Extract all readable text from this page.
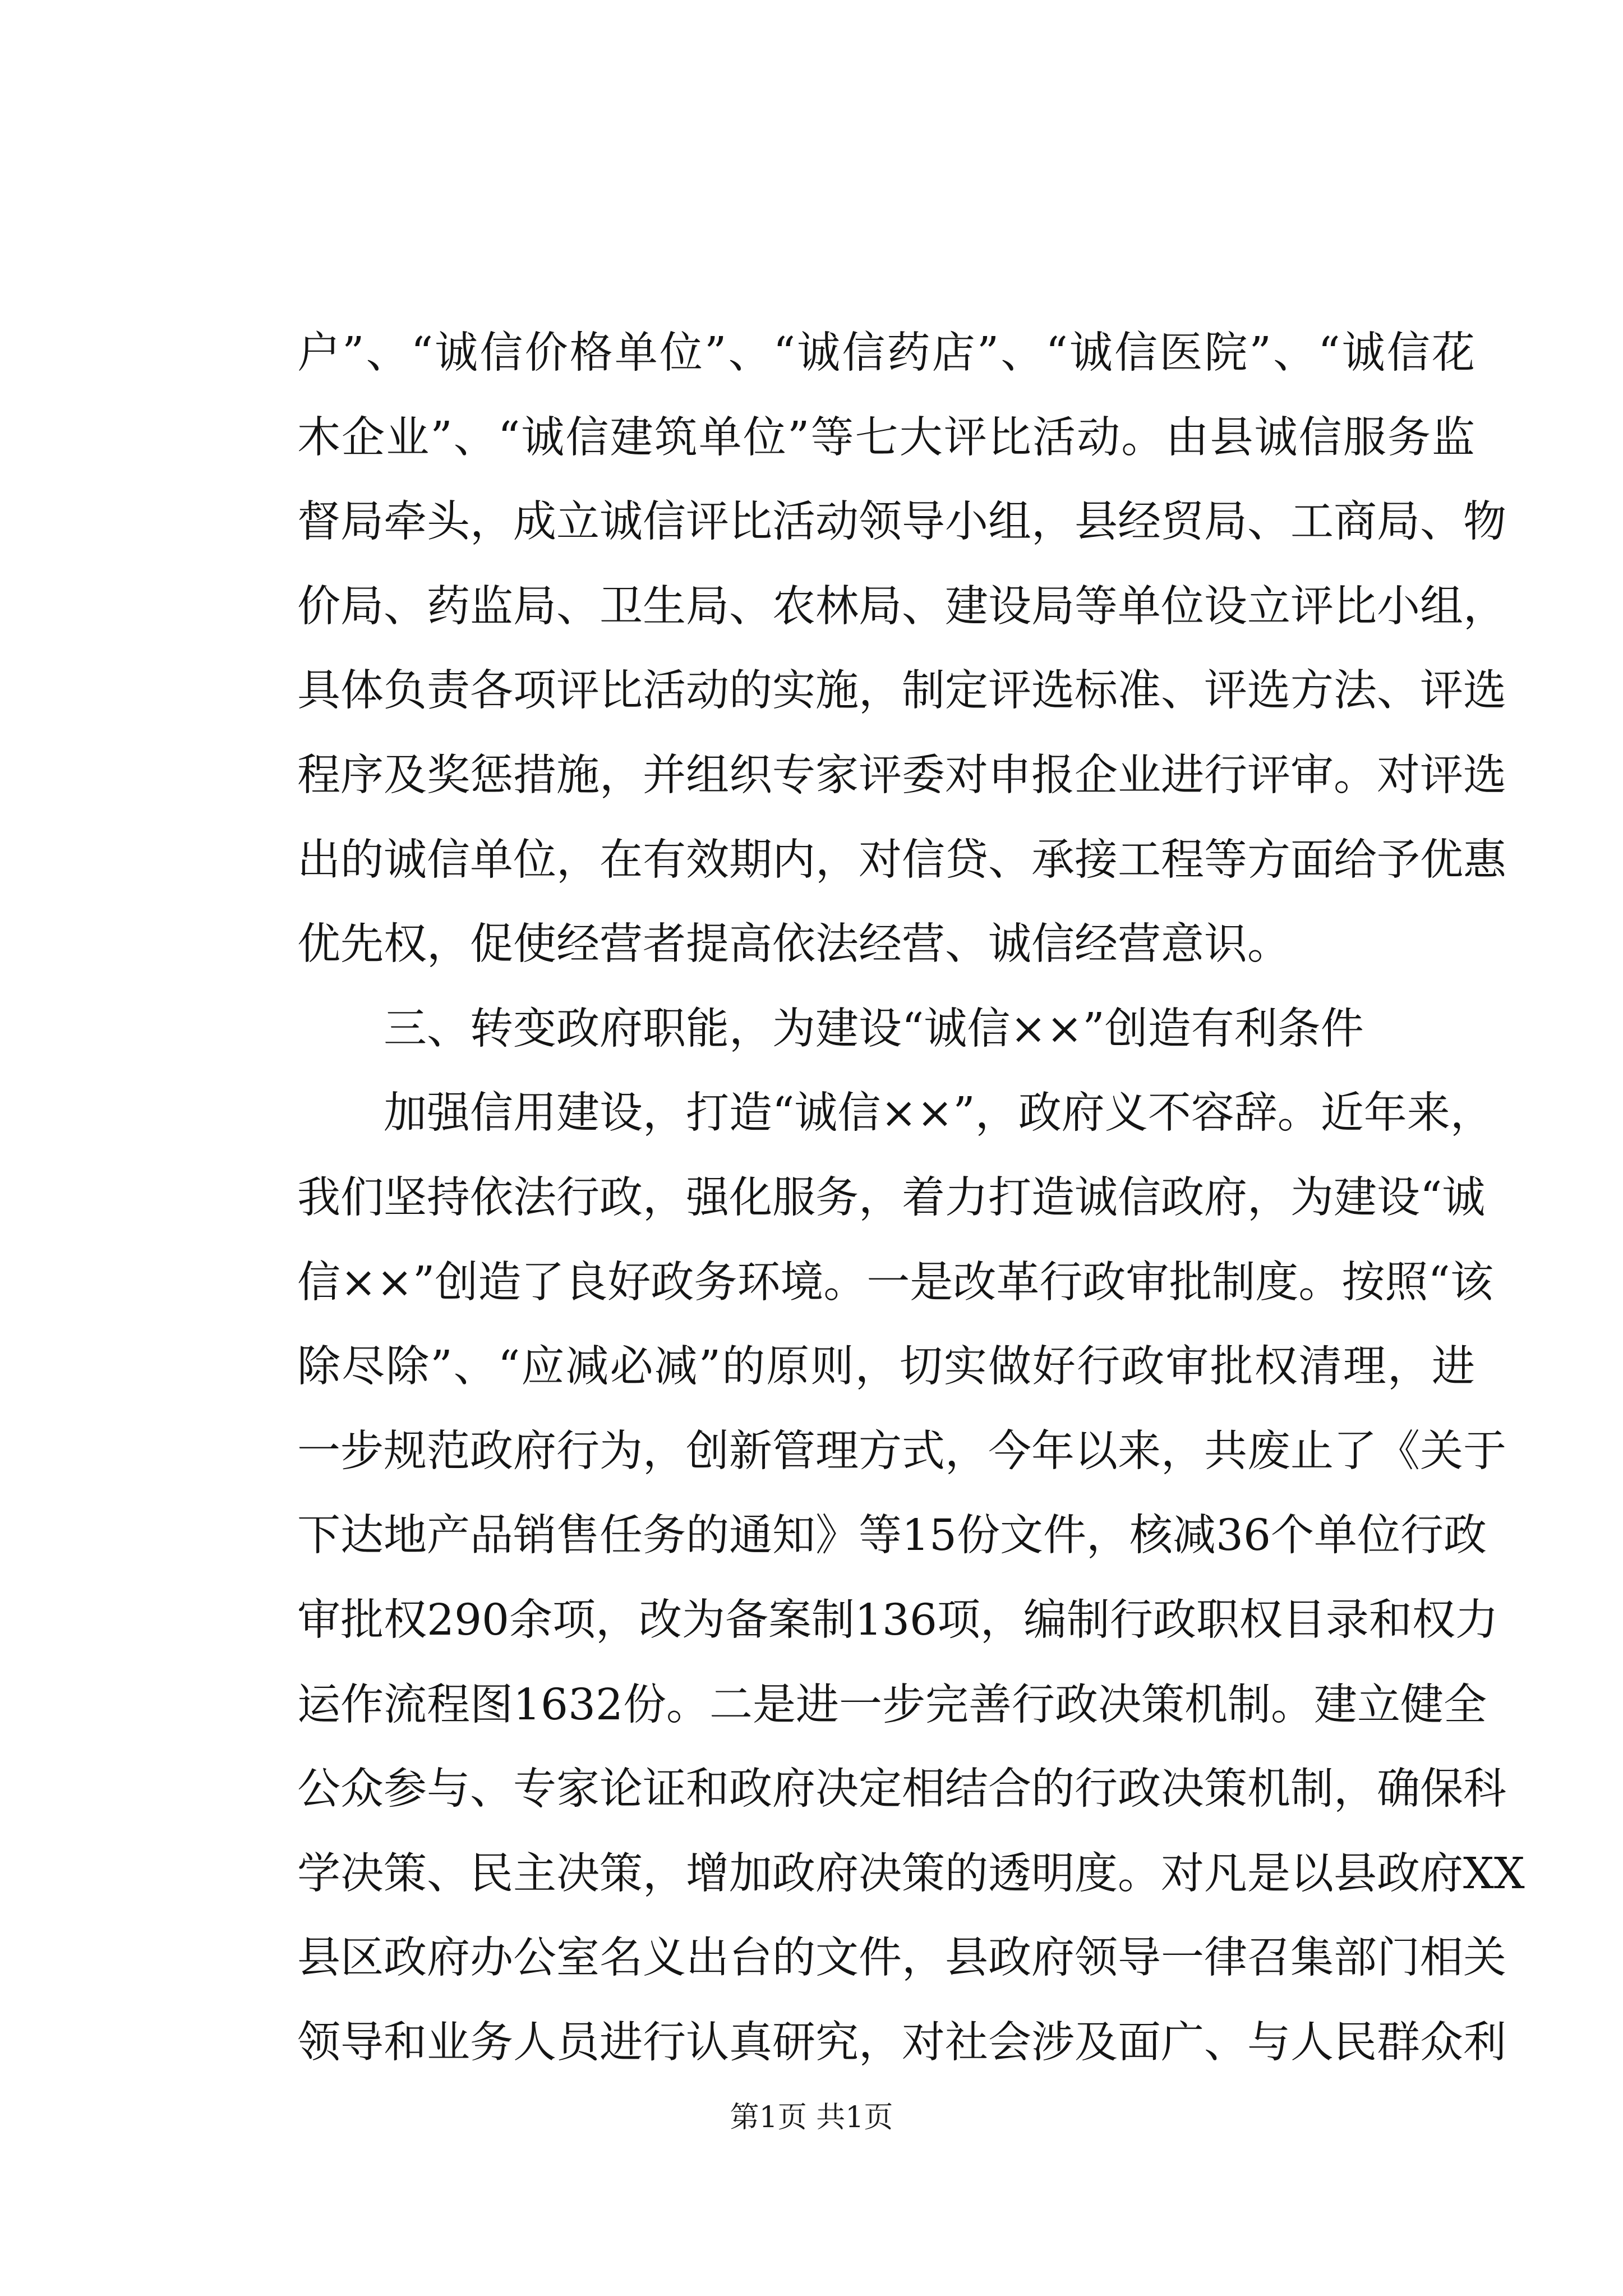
户”、“诚信价格单位”、“诚信药店”、“诚信医院”、“诚信花
木企业”、“诚信建筑单位”等七大评比活动。由县诚信服务监
督局牵头，成立诚信评比活动领导小组，县经贸局、工商局、物
价局、药监局、卫生局、农林局、建设局等单位设立评比小组，
具体负责各项评比活动的实施，制定评选标准、评选方法、评选
程序及奖惩措施，并组织专家评委对申报企业进行评审。对评选
出的诚信单位，在有效期内，对信贷、承接工程等方面给予优惠
优先权，促使经营者提高依法经营、诚信经营意识。
　　三、转变政府职能，为建设“诚信××”创造有利条件
　　加强信用建设，打造“诚信××”，政府义不容辞。近年来，
我们坚持依法行政，强化服务，着力打造诚信政府，为建设“诚
信××”创造了良好政务环境。一是改革行政审批制度。按照“该
除尽除”、“应减必减”的原则，切实做好行政审批权清理，进
一步规范政府行为，创新管理方式，今年以来，共废止了《关于
下达地产品销售任务的通知》等15份文件，核减36个单位行政
审批权290余项，改为备案制136项，编制行政职权目录和权力
运作流程图1632份。二是进一步完善行政决策机制。建立健全
公众参与、专家论证和政府决定相结合的行政决策机制，确保科
学决策、民主决策，增加政府决策的透明度。对凡是以县政府XX
县区政府办公室名义出台的文件，县政府领导一律召集部门相关
领导和业务人员进行认真研究，对社会涉及面广、与人民群众利
第1页 共1页
